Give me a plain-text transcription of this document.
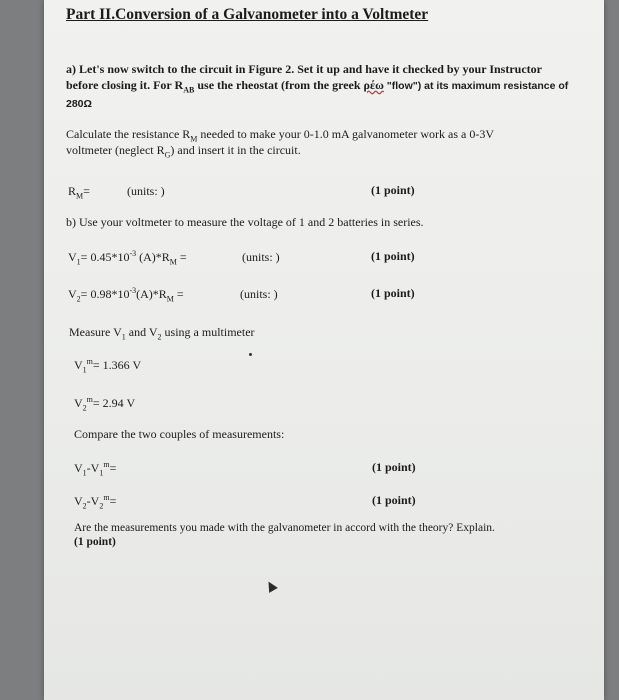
Part II.Conversion of a Galvanometer into a Voltmeter
a) Let's now switch to the circuit in Figure 2. Set it up and have it checked by your Instructor
before closing it. For $R_{AB}$ use the rheostat (from the greek ρέω "flow") at its maximum resistance of
280Ω
Calculate the resistance $R_M$ needed to make your 0-1.0 mA galvanometer work as a 0-3V
voltmeter (neglect $R_G$) and insert it in the circuit.
$R_M=$	(units: )	(1 point)
b) Use your voltmeter to measure the voltage of 1 and 2 batteries in series.
$V_1= 0.45*10^{-3}$ $(A)*R_M$ =	(units: )	(1 point)
$V_2= 0.98*10^{-3}(A)*R_M$ =	(units: )	(1 point)
Measure $V_1$ and $V_2$ using a multimeter
$V_1^m= 1.366$ V
$V_2^m= 2.94$ V
Compare the two couples of measurements:
$V_1-V_1^m=$	(1 point)
$V_2-V_2^m=$	(1 point)
Are the measurements you made with the galvanometer in accord with the theory? Explain.
(1 point)
